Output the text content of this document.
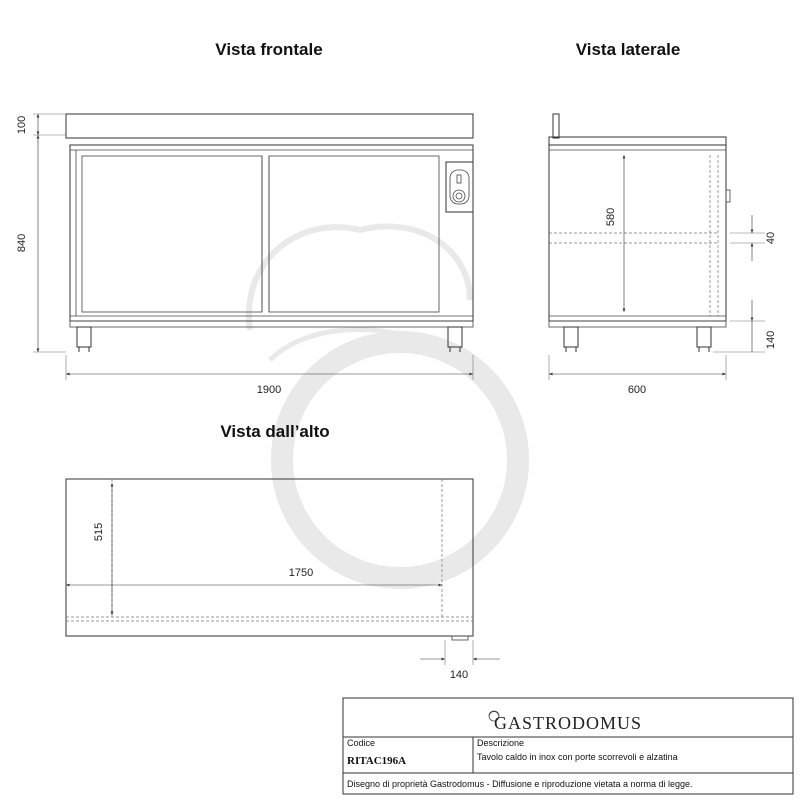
Vista frontale
100
840
1900
Vista laterale
580
40
140
600
Vista dall’alto
515
1750
140
GASTRODOMUS
Codice
RITAC196A
Descrizione
Tavolo caldo in inox con porte scorrevoli e alzatina
Disegno di proprietà Gastrodomus - Diffusione e riproduzione vietata a norma di legge.
